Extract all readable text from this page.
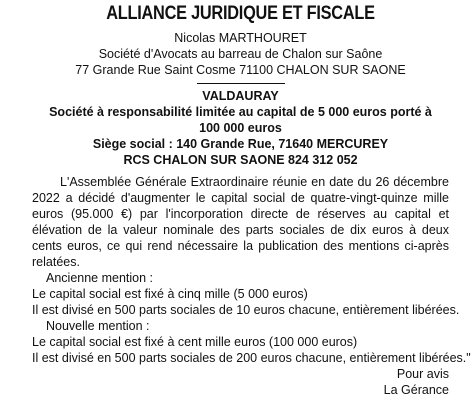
ALLIANCE JURIDIQUE ET FISCALE
Nicolas MARTHOURET
Société d'Avocats au barreau de Chalon sur Saône
77 Grande Rue Saint Cosme 71100 CHALON SUR SAONE
VALDAURAY
Société à responsabilité limitée au capital de 5 000 euros porté à
100 000 euros
Siège social : 140 Grande Rue, 71640 MERCUREY
RCS CHALON SUR SAONE 824 312 052
L'Assemblée Générale Extraordinaire réunie en date du 26 décembre 2022 a décidé d'augmenter le capital social de quatre-vingt-quinze mille euros (95.000 €) par l'incorporation directe de réserves au capital et élévation de la valeur nominale des parts sociales de dix euros à deux cents euros, ce qui rend nécessaire la publication des mentions ci-après relatées.
Ancienne mention :
Le capital social est fixé à cinq mille (5 000 euros)
Il est divisé en 500 parts sociales de 10 euros chacune, entièrement libérées.
Nouvelle mention :
Le capital social est fixé à cent mille euros (100 000 euros)
Il est divisé en 500 parts sociales de 200 euros chacune, entièrement libérées."
Pour avis
La Gérance
